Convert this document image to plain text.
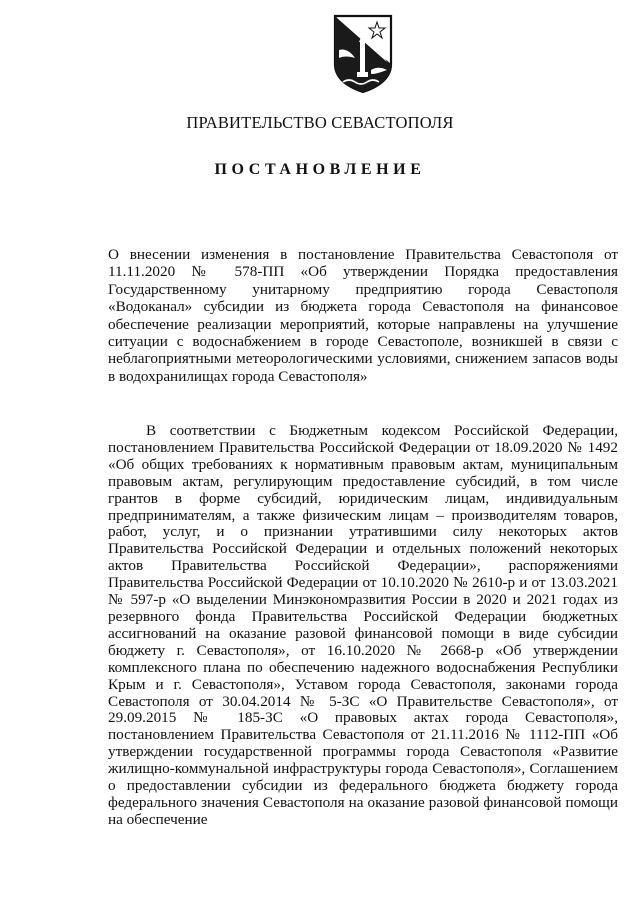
ПРАВИТЕЛЬСТВО СЕВАСТОПОЛЯ
ПОСТАНОВЛЕНИЕ

О внесении изменения в постановление Правительства Севастополя от 11.11.2020 № 578-ПП «Об утверждении Порядка предоставления Государственному унитарному предприятию города Севастополя «Водоканал» субсидии из бюджета города Севастополя на финансовое обеспечение реализации мероприятий, которые направлены на улучшение ситуации с водоснабжением в городе Севастополе, возникшей в связи с неблагоприятными метеорологическими условиями, снижением запасов воды в водохранилищах города Севастополя»

В соответствии с Бюджетным кодексом Российской Федерации, постановлением Правительства Российской Федерации от 18.09.2020 № 1492 «Об общих требованиях к нормативным правовым актам, муниципальным правовым актам, регулирующим предоставление субсидий, в том числе грантов в форме субсидий, юридическим лицам, индивидуальным предпринимателям, а также физическим лицам – производителям товаров, работ, услуг, и о признании утратившими силу некоторых актов Правительства Российской Федерации и отдельных положений некоторых актов Правительства Российской Федерации», распоряжениями Правительства Российской Федерации от 10.10.2020 № 2610-р и от 13.03.2021 № 597-р «О выделении Минэкономразвития России в 2020 и 2021 годах из резервного фонда Правительства Российской Федерации бюджетных ассигнований на оказание разовой финансовой помощи в виде субсидии бюджету г. Севастополя», от 16.10.2020 № 2668-р «Об утверждении комплексного плана по обеспечению надежного водоснабжения Республики Крым и г. Севастополя», Уставом города Севастополя, законами города Севастополя от 30.04.2014 № 5-ЗС «О Правительстве Севастополя», от 29.09.2015 № 185-ЗС «О правовых актах города Севастополя», постановлением Правительства Севастополя от 21.11.2016 № 1112-ПП «Об утверждении государственной программы города Севастополя «Развитие жилищно-коммунальной инфраструктуры города Севастополя», Соглашением о предоставлении субсидии из федерального бюджета бюджету города федерального значения Севастополя на оказание разовой финансовой помощи на обеспечение
